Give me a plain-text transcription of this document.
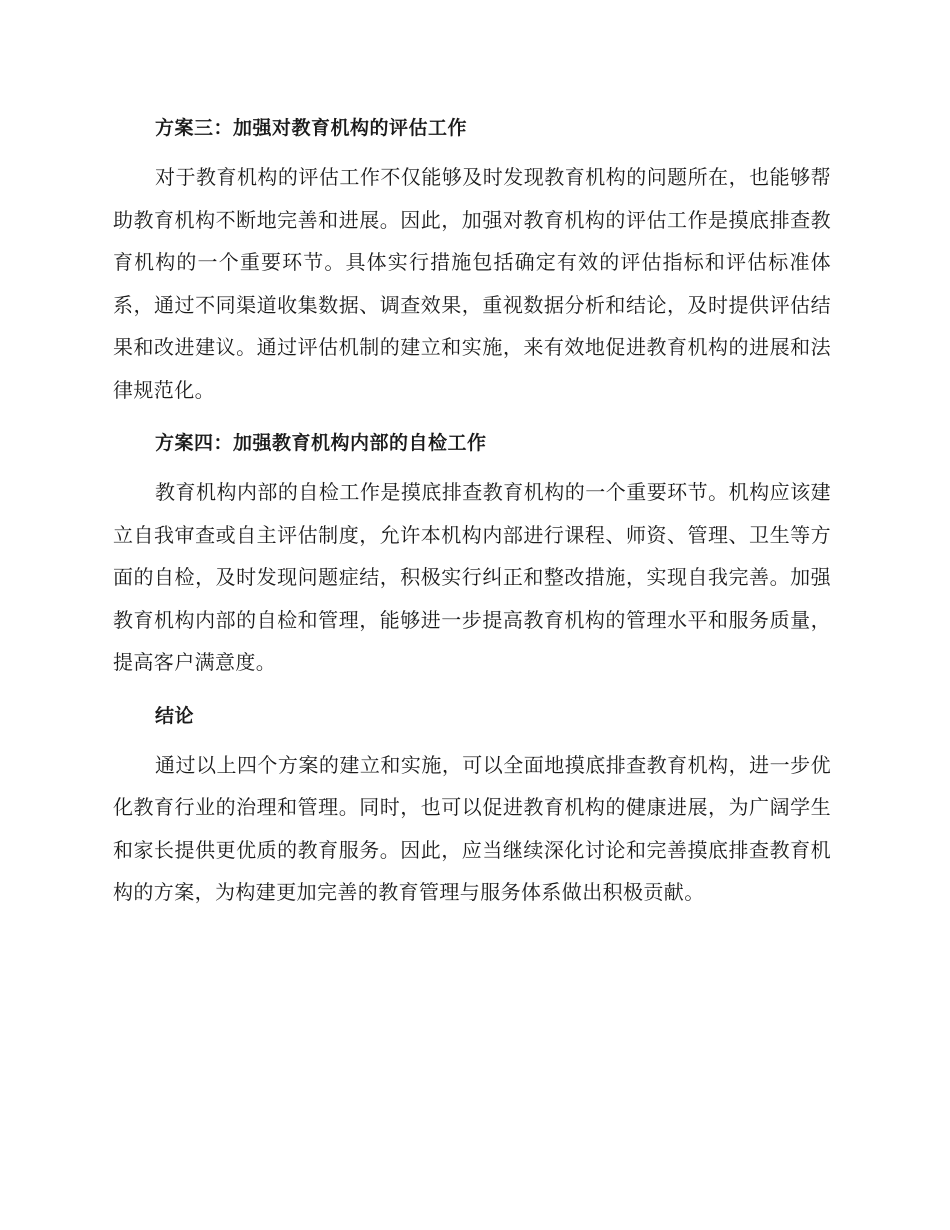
方案三：加强对教育机构的评估工作

对于教育机构的评估工作不仅能够及时发现教育机构的问题所在，也能够帮助教育机构不断地完善和进展。因此，加强对教育机构的评估工作是摸底排查教育机构的一个重要环节。具体实行措施包括确定有效的评估指标和评估标准体系，通过不同渠道收集数据、调查效果，重视数据分析和结论，及时提供评估结果和改进建议。通过评估机制的建立和实施，来有效地促进教育机构的进展和法律规范化。

方案四：加强教育机构内部的自检工作

教育机构内部的自检工作是摸底排查教育机构的一个重要环节。机构应该建立自我审查或自主评估制度，允许本机构内部进行课程、师资、管理、卫生等方面的自检，及时发现问题症结，积极实行纠正和整改措施，实现自我完善。加强教育机构内部的自检和管理，能够进一步提高教育机构的管理水平和服务质量，提高客户满意度。

结论

通过以上四个方案的建立和实施，可以全面地摸底排查教育机构，进一步优化教育行业的治理和管理。同时，也可以促进教育机构的健康进展，为广阔学生和家长提供更优质的教育服务。因此，应当继续深化讨论和完善摸底排查教育机构的方案，为构建更加完善的教育管理与服务体系做出积极贡献。
